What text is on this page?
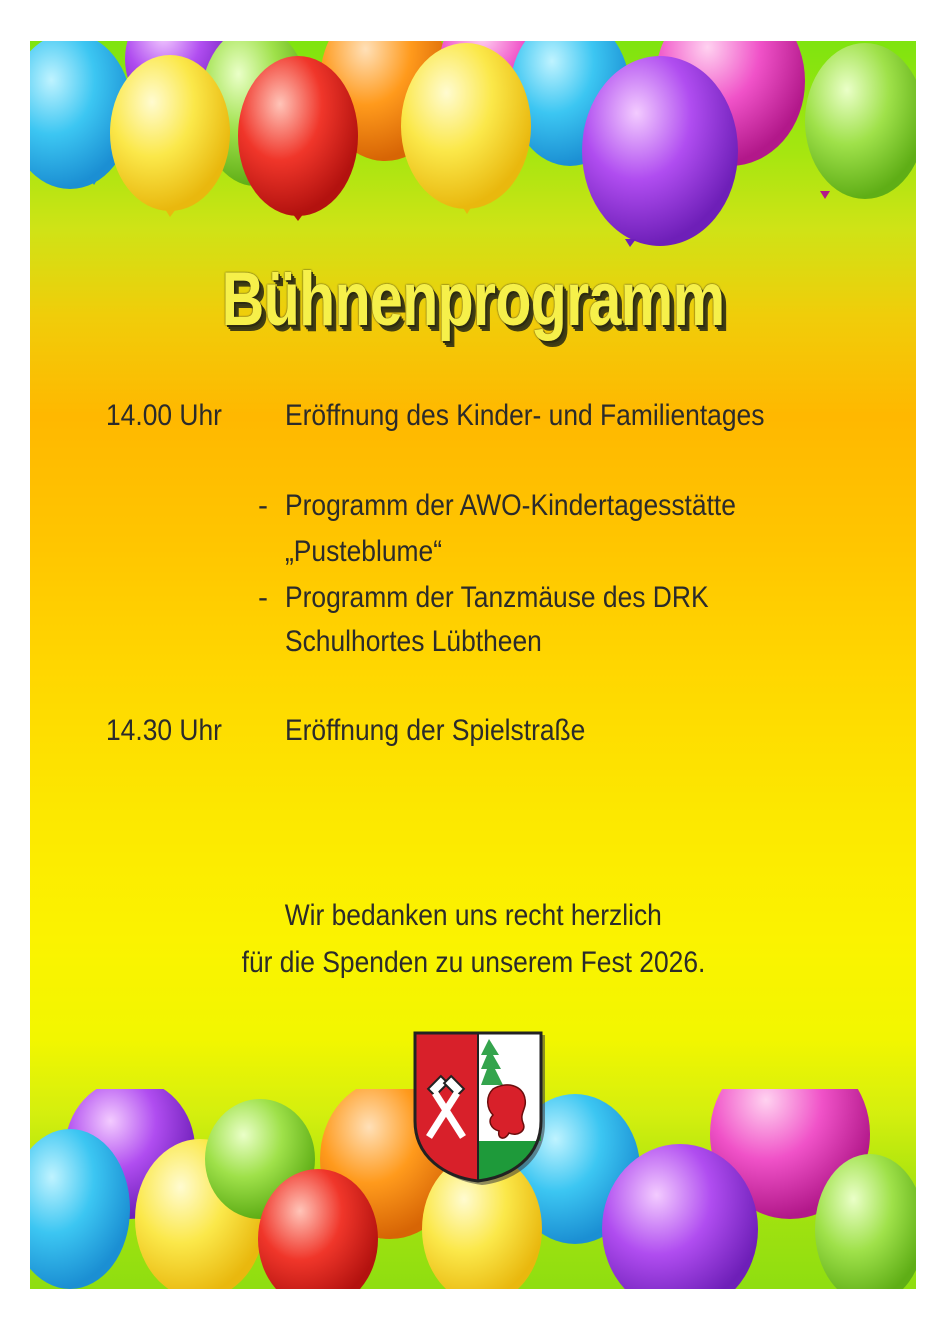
Bühnenprogramm
14.00 Uhr	Eröffnung des Kinder- und Familientages
- Programm der AWO-Kindertagesstätte
„Pusteblume“
- Programm der Tanzmäuse des DRK
Schulhortes Lübtheen
14.30 Uhr	Eröffnung der Spielstraße
Wir bedanken uns recht herzlich
für die Spenden zu unserem Fest 2026.
